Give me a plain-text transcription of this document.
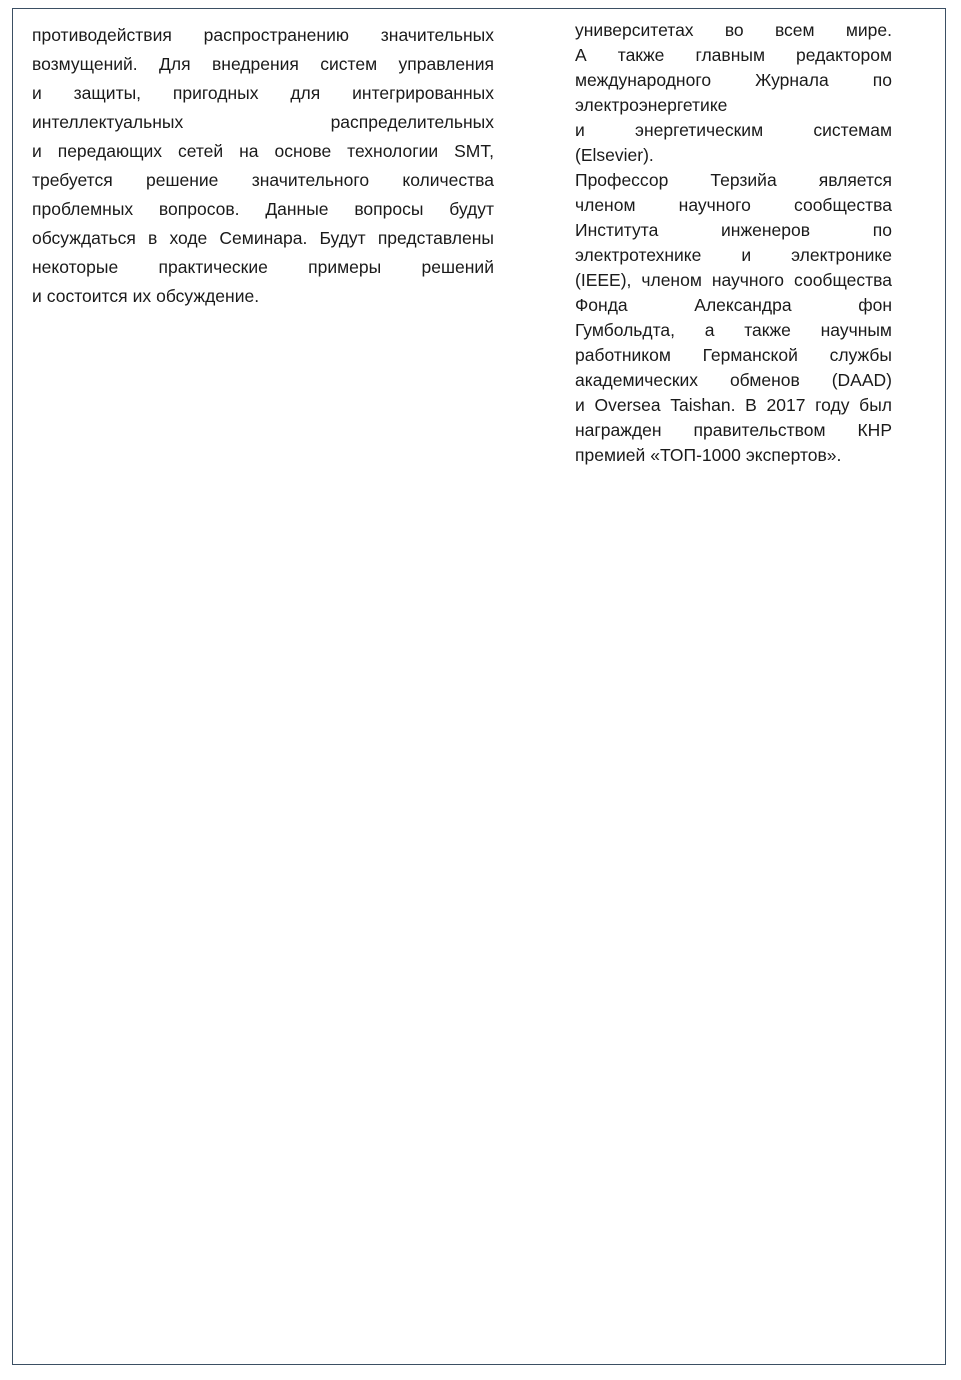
противодействия распространению значительных
возмущений. Для внедрения систем управления
и защиты, пригодных для интегрированных
интеллектуальных	распределительных
и передающих сетей на основе технологии SMT,
требуется решение значительного количества
проблемных вопросов. Данные вопросы будут
обсуждаться в ходе Семинара. Будут представлены
некоторые практические примеры решений
и состоится их обсуждение.
университетах во всем мире.
А также главным редактором
международного	Журнала	по
электроэнергетике
и	энергетическим	системам
(Elsevier).
Профессор Терзийа является
членом научного сообщества
Института	инженеров	по
электротехнике и электронике
(IEEE), членом научного сообщества
Фонда	Александра	фон
Гумбольдта, а также научным
работником Германской службы
академических обменов (DAAD)
и Oversea Taishan. В 2017 году был
награжден правительством КНР
премией «ТОП-1000 экспертов».
